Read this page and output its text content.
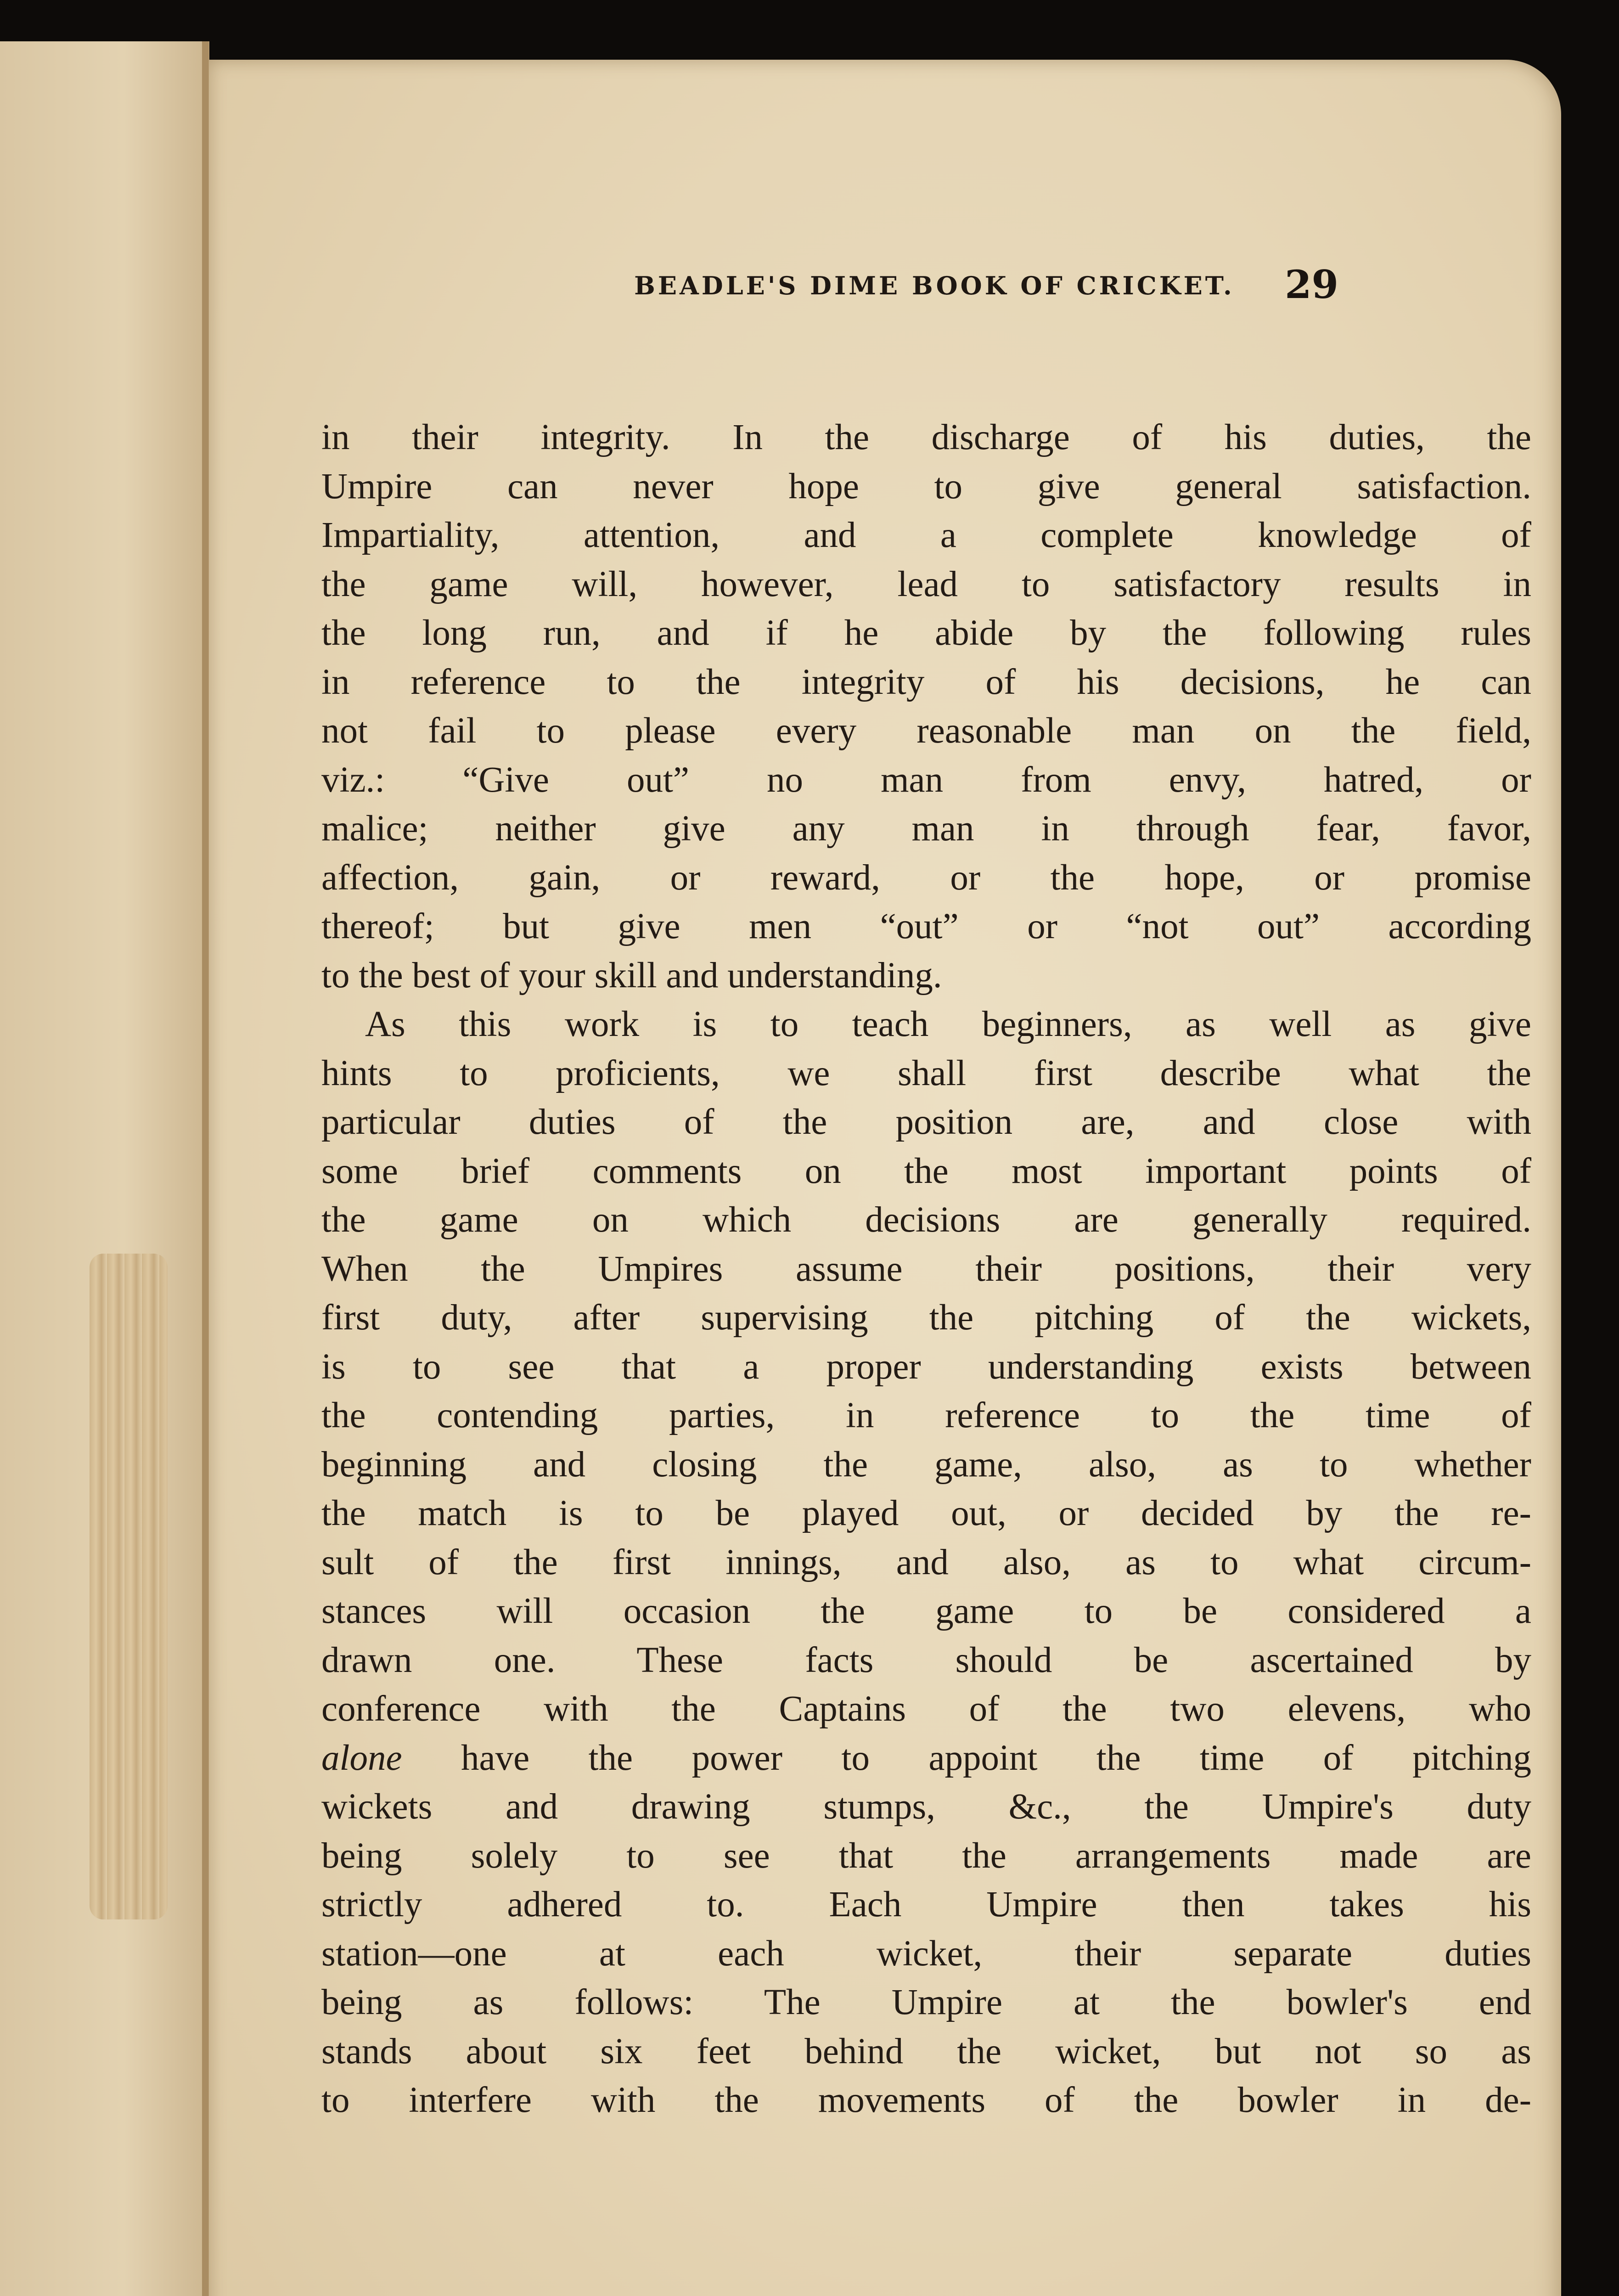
BEADLE'S DIME BOOK OF CRICKET.	29
in their integrity. In the discharge of his duties, the
Umpire can never hope to give general satisfaction.
Impartiality, attention, and a complete knowledge of
the game will, however, lead to satisfactory results in
the long run, and if he abide by the following rules
in reference to the integrity of his decisions, he can
not fail to please every reasonable man on the field,
viz.: “Give out” no man from envy, hatred, or
malice; neither give any man in through fear, favor,
affection, gain, or reward, or the hope, or promise
thereof; but give men “out” or “not out” according
to the best of your skill and understanding.
As this work is to teach beginners, as well as give
hints to proficients, we shall first describe what the
particular duties of the position are, and close with
some brief comments on the most important points of
the game on which decisions are generally required.
When the Umpires assume their positions, their very
first duty, after supervising the pitching of the wickets,
is to see that a proper understanding exists between
the contending parties, in reference to the time of
beginning and closing the game, also, as to whether
the match is to be played out, or decided by the re-
sult of the first innings, and also, as to what circum-
stances will occasion the game to be considered a
drawn one. These facts should be ascertained by
conference with the Captains of the two elevens, who
alone have the power to appoint the time of pitching
wickets and drawing stumps, &c., the Umpire's duty
being solely to see that the arrangements made are
strictly adhered to. Each Umpire then takes his
station—one at each wicket, their separate duties
being as follows: The Umpire at the bowler's end
stands about six feet behind the wicket, but not so as
to interfere with the movements of the bowler in de-
